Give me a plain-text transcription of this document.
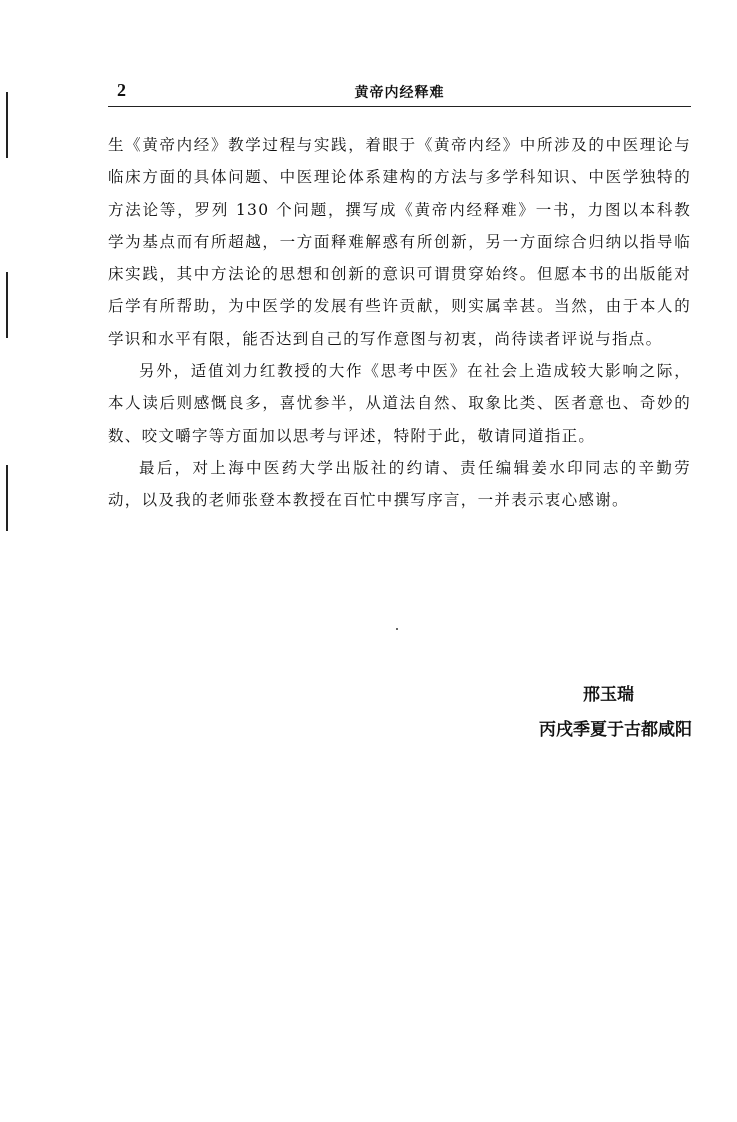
2	黄帝内经释难

生《黄帝内经》教学过程与实践，着眼于《黄帝内经》中所涉及的中医理论与临床方面的具体问题、中医理论体系建构的方法与多学科知识、中医学独特的方法论等，罗列 130 个问题，撰写成《黄帝内经释难》一书，力图以本科教学为基点而有所超越，一方面释难解惑有所创新，另一方面综合归纳以指导临床实践，其中方法论的思想和创新的意识可谓贯穿始终。但愿本书的出版能对后学有所帮助，为中医学的发展有些许贡献，则实属幸甚。当然，由于本人的学识和水平有限，能否达到自己的写作意图与初衷，尚待读者评说与指点。

另外，适值刘力红教授的大作《思考中医》在社会上造成较大影响之际，本人读后则感慨良多，喜忧参半，从道法自然、取象比类、医者意也、奇妙的数、咬文嚼字等方面加以思考与评述，特附于此，敬请同道指正。

最后，对上海中医药大学出版社的约请、责任编辑姜水印同志的辛勤劳动，以及我的老师张登本教授在百忙中撰写序言，一并表示衷心感谢。

邢玉瑞
丙戌季夏于古都咸阳
